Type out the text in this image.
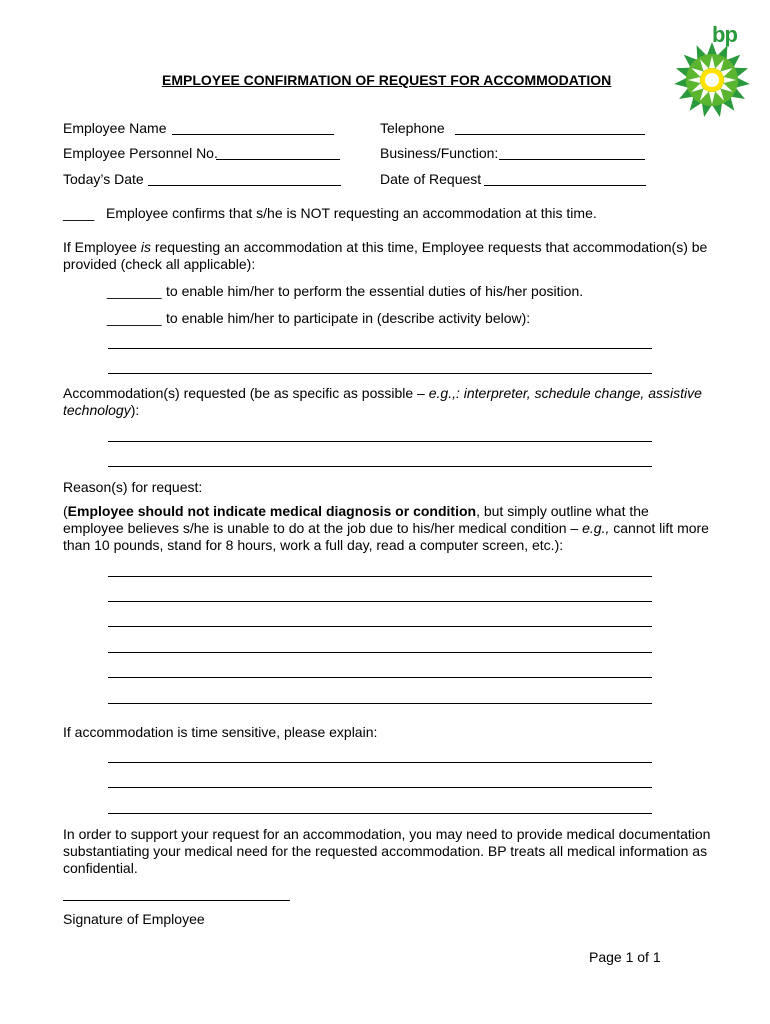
bp
EMPLOYEE CONFIRMATION OF REQUEST FOR ACCOMMODATION
Employee Name	Telephone
Employee Personnel No.	Business/Function:
Today’s Date	Date of Request
____ Employee confirms that s/he is NOT requesting an accommodation at this time.
If Employee is requesting an accommodation at this time, Employee requests that accommodation(s) be provided (check all applicable):
_______ to enable him/her to perform the essential duties of his/her position.
_______ to enable him/her to participate in (describe activity below):
Accommodation(s) requested (be as specific as possible – e.g.,: interpreter, schedule change, assistive technology):
Reason(s) for request:
(Employee should not indicate medical diagnosis or condition, but simply outline what the employee believes s/he is unable to do at the job due to his/her medical condition – e.g., cannot lift more than 10 pounds, stand for 8 hours, work a full day, read a computer screen, etc.):
If accommodation is time sensitive, please explain:
In order to support your request for an accommodation, you may need to provide medical documentation substantiating your medical need for the requested accommodation. BP treats all medical information as confidential.
Signature of Employee
Page 1 of 1
